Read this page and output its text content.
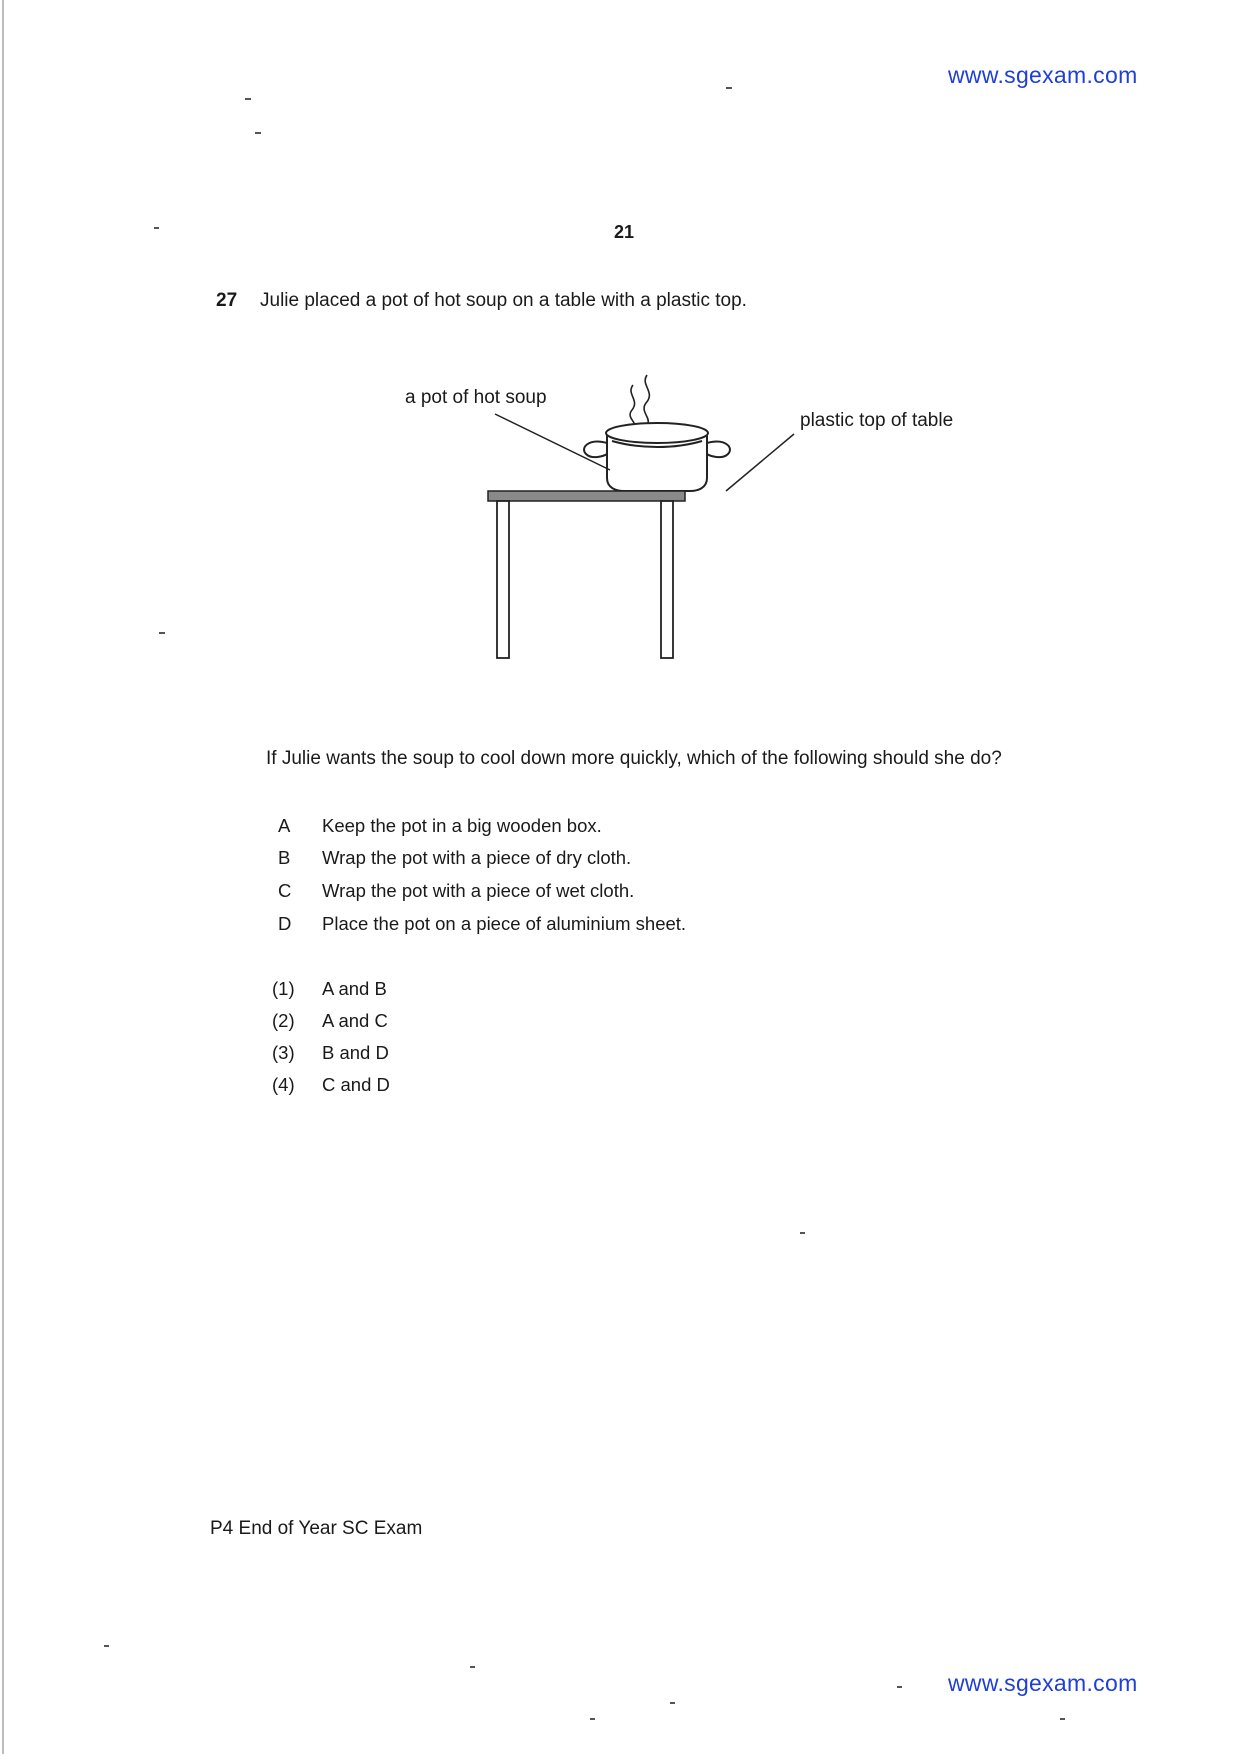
www.sgexam.com
21
27 Julie placed a pot of hot soup on a table with a plastic top.
a pot of hot soup
plastic top of table
If Julie wants the soup to cool down more quickly, which of the following should she do?
A	Keep the pot in a big wooden box.
B	Wrap the pot with a piece of dry cloth.
C	Wrap the pot with a piece of wet cloth.
D	Place the pot on a piece of aluminium sheet.
(1)	A and B
(2)	A and C
(3)	B and D
(4)	C and D
P4 End of Year SC Exam
www.sgexam.com
